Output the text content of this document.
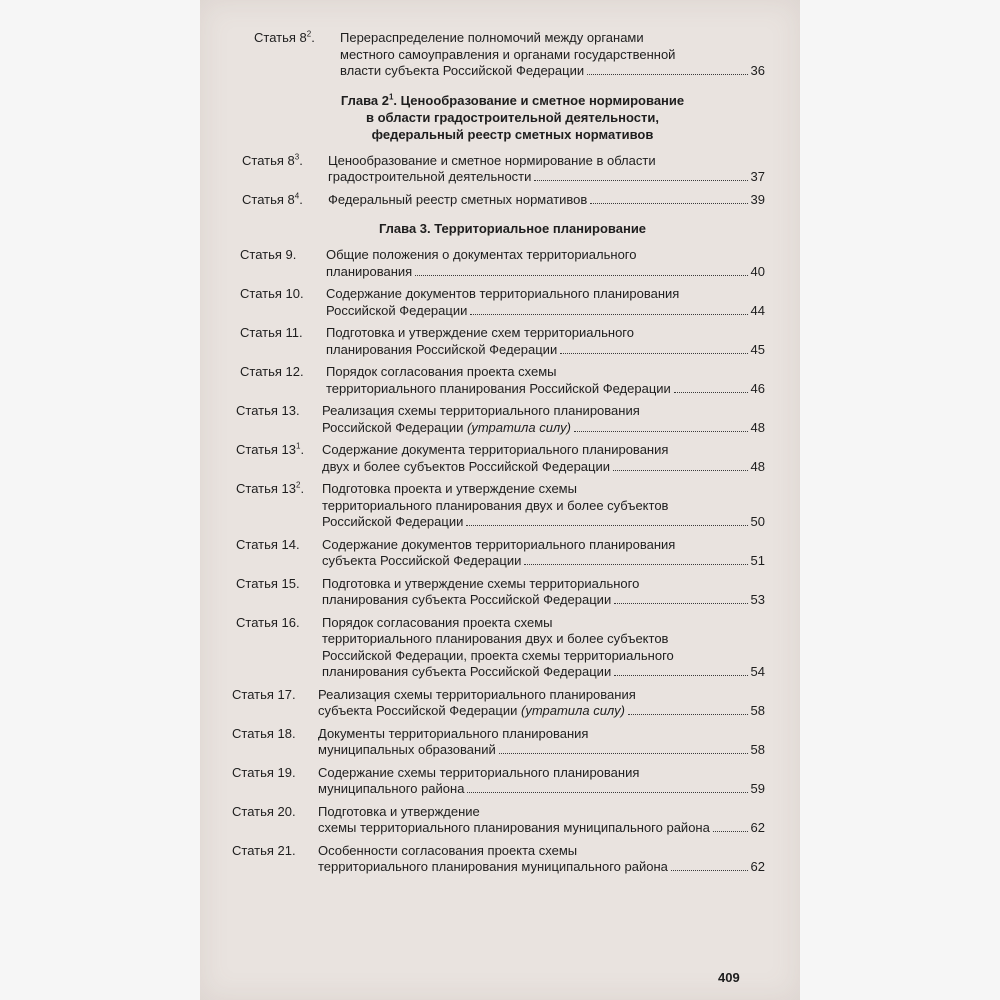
Статья $8^2$.	Перераспределение полномочий между органами
местного самоуправления и органами государственной
власти субъекта Российской Федерации	36
Глава $2^1$. Ценообразование и сметное нормирование
в области градостроительной деятельности,
федеральный реестр сметных нормативов
Статья $8^3$.	Ценообразование и сметное нормирование в области
градостроительной деятельности	37
Статья $8^4$.	Федеральный реестр сметных нормативов	39
Глава 3. Территориальное планирование
Статья 9.	Общие положения о документах территориального
планирования	40
Статья 10.	Содержание документов территориального планирования
Российской Федерации	44
Статья 11.	Подготовка и утверждение схем территориального
планирования Российской Федерации	45
Статья 12.	Порядок согласования проекта схемы
территориального планирования Российской Федерации	46
Статья 13.	Реализация схемы территориального планирования
Российской Федерации (утратила силу)	48
Статья $13^1$.	Содержание документа территориального планирования
двух и более субъектов Российской Федерации	48
Статья $13^2$.	Подготовка проекта и утверждение схемы
территориального планирования двух и более субъектов
Российской Федерации	50
Статья 14.	Содержание документов территориального планирования
субъекта Российской Федерации	51
Статья 15.	Подготовка и утверждение схемы территориального
планирования субъекта Российской Федерации	53
Статья 16.	Порядок согласования проекта схемы
территориального планирования двух и более субъектов
Российской Федерации, проекта схемы территориального
планирования субъекта Российской Федерации	54
Статья 17.	Реализация схемы территориального планирования
субъекта Российской Федерации (утратила силу)	58
Статья 18.	Документы территориального планирования
муниципальных образований	58
Статья 19.	Содержание схемы территориального планирования
муниципального района	59
Статья 20.	Подготовка и утверждение
схемы территориального планирования муниципального района	62
Статья 21.	Особенности согласования проекта схемы
территориального планирования муниципального района	62
409
